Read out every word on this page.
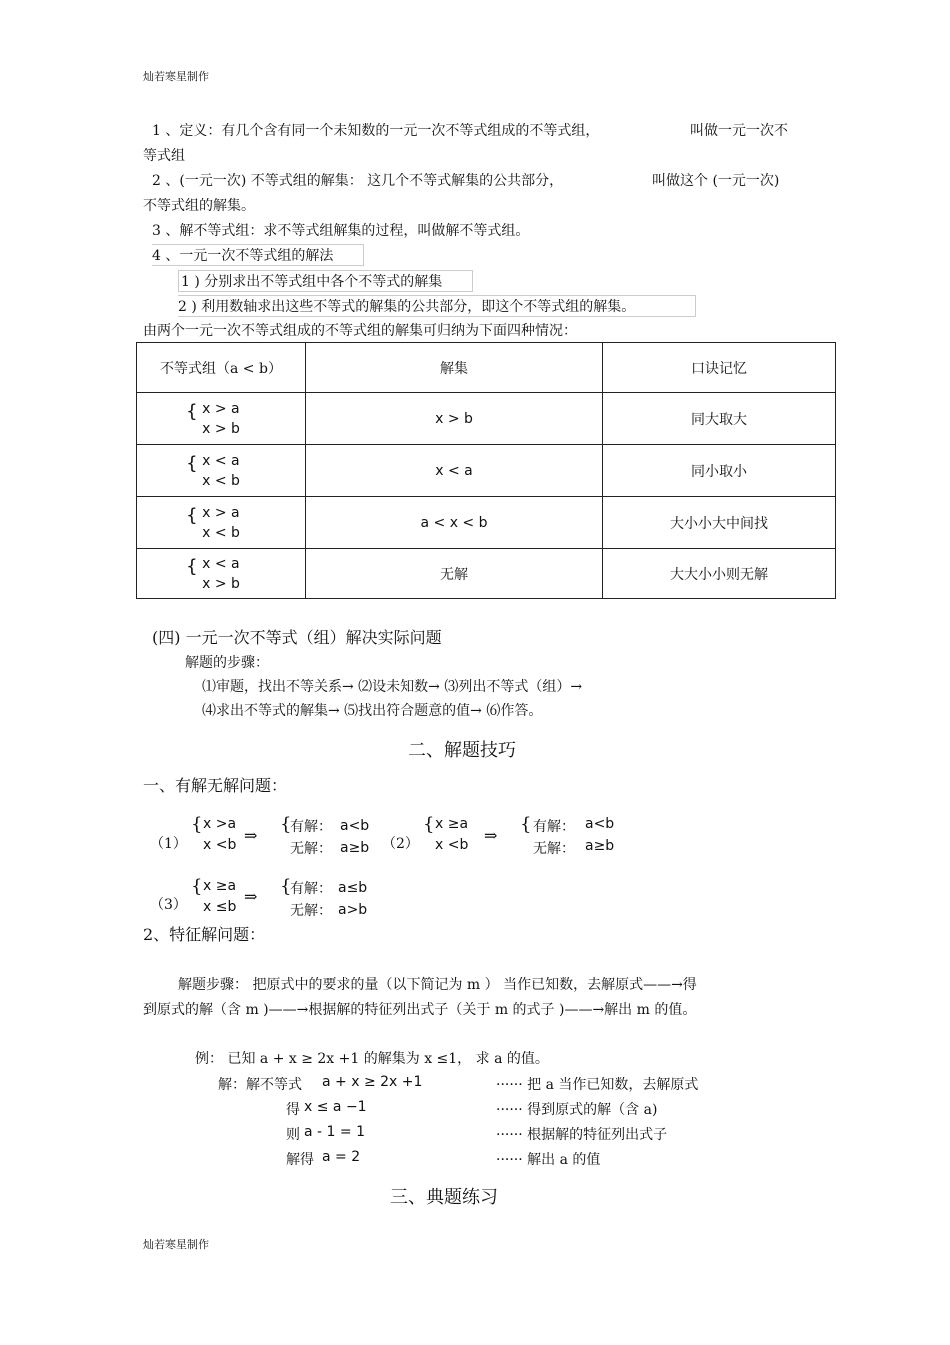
灿若寒星制作
1 、定义：有几个含有同一个未知数的一元一次不等式组成的不等式组，	叫做一元一次不
等式组
2 、(一元一次) 不等式组的解集： 这几个不等式解集的公共部分，	叫做这个 (一元一次)
不等式组的解集。
3 、解不等式组：求不等式组解集的过程，叫做解不等式组。
4 、一元一次不等式组的解法
1 ) 分别求出不等式组中各个不等式的解集
2 ) 利用数轴求出这些不等式的解集的公共部分，即这个不等式组的解集。
由两个一元一次不等式组成的不等式组的解集可归纳为下面四种情况：
不等式组（a < b）	解集	口诀记忆

{ x > a
x > b	x > b	同大取大

{ x < a
x < b	x < a	同小取小

{ x > a
x < b	a < x < b	大小小大中间找

{ x < a
x > b	无解	大大小小则无解
(四) 一元一次不等式（组）解决实际问题
解题的步骤：
⑴审题，找出不等关系→ ⑵设未知数→ ⑶列出不等式（组）→
⑷求出不等式的解集→ ⑸找出符合题意的值→ ⑹作答。
二、解题技巧
一、有解无解问题：
（1）
{ x >a
x <b ⇒
{
有解： a<b
无解： a≥b （2）
{ x ≥a
x <b ⇒
{ 有解： a<b
无解： a≥b
（3）
{ x ≥a
x ≤b
⇒ {
有解： a≤b
无解： a>b
2、特征解问题：
解题步骤： 把原式中的要求的量（以下简记为 m ） 当作已知数，去解原式——→得
到原式的解（含 m )——→根据解的特征列出式子（关于 m 的式子 )——→解出 m 的值。
例： 已知 a + x ≥ 2x +1 的解集为 x ≤1， 求 a 的值。
解：解不等式 a + x ≥ 2x +1	······ 把 a 当作已知数，去解原式
得 x ≤ a −1	······ 得到原式的解（含 a)
则 a - 1 = 1	······ 根据解的特征列出式子
解得 a = 2	······ 解出 a 的值
三、典题练习
灿若寒星制作
